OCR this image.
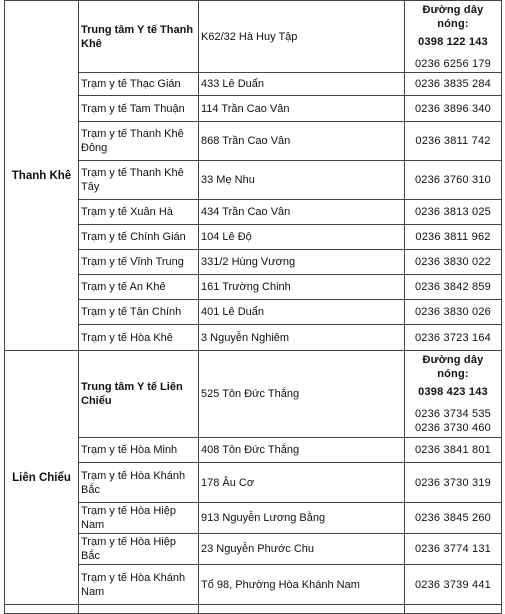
Thanh Khê	Trung tâm Y tế Thanh Khê	K62/32 Hà Huy Tập	Đường dây nóng:
0398 122 143
0236 6256 179

	Trạm y tế Thạc Gián	433 Lê Duẩn	0236 3835 284
	Trạm y tế Tam Thuận	114 Trần Cao Vân	0236 3896 340
	Trạm y tế Thanh Khê Đông	868 Trần Cao Vân	0236 3811 742
	Trạm y tế Thanh Khê Tây	33 Mẹ Nhu	0236 3760 310
	Trạm y tế Xuân Hà	434 Trần Cao Vân	0236 3813 025
	Trạm y tế Chính Gián	104 Lê Độ	0236 3811 962
	Trạm y tế Vĩnh Trung	331/2 Hùng Vương	0236 3830 022
	Trạm y tế An Khê	161 Trường Chinh	0236 3842 859
	Trạm y tế Tân Chính	401 Lê Duẩn	0236 3830 026
	Trạm y tế Hòa Khê	3 Nguyễn Nghiêm	0236 3723 164
Liên Chiểu	Trung tâm Y tế Liên Chiểu	525 Tôn Đức Thắng	Đường dây nóng:
0398 423 143
0236 3734 535
0236 3730 460

	Trạm y tế Hòa Minh	408 Tôn Đức Thắng	0236 3841 801
	Trạm y tế Hòa Khánh Bắc	178 Âu Cơ	0236 3730 319
	Trạm y tế Hòa Hiệp Nam	913 Nguyễn Lương Bằng	0236 3845 260
	Trạm y tế Hòa Hiệp Bắc	23 Nguyễn Phước Chu	0236 3774 131
	Trạm y tế Hòa Khánh Nam	Tổ 98, Phường Hòa Khánh Nam	0236 3739 441
